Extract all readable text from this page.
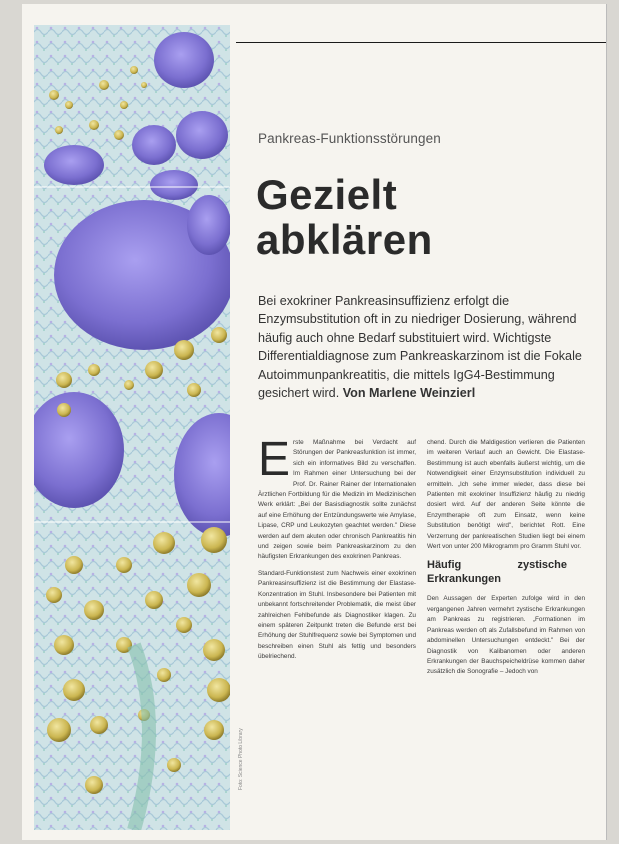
Foto: Science Photo Library
Pankreas-Funktionsstörungen
Gezielt
abklären
Bei exokriner Pankreasinsuffizienz erfolgt die Enzymsubstitution oft in zu niedriger Dosierung, während häufig auch ohne Bedarf substituiert wird. Wichtigste Differentialdiagnose zum Pankreaskarzinom ist die Fokale Autoimmunpankreatitis, die mittels IgG4-Bestimmung gesichert wird. Von Marlene Weinzierl

Erste Maßnahme bei Verdacht auf Störungen der Pankreasfunktion ist immer, sich ein informatives Bild zu verschaffen. Im Rahmen einer Untersuchung bei der Prof. Dr. Rainer Rainer der Internationalen Ärztlichen Fortbildung für die Medizin im Medizinischen Werk erklärt: „Bei der Basisdiagnostik sollte zunächst auf eine Erhöhung der Entzündungswerte wie Amylase, Lipase, CRP und Leukozyten geachtet werden." Diese werden auf dem akuten oder chronisch Pankreatitis hin und zeigen sowie beim Pankreaskarzinom zu den häufigsten Erkrankungen des exokrinen Pankreas.

Standard-Funktionstest zum Nachweis einer exokrinen Pankreasinsuffizienz ist die Bestimmung der Elastase-Konzentration im Stuhl. Insbesondere bei Patienten mit unbekannt fortschreitender Problematik, die meist über zahlreichen Fehlbefunde als Diagnostiker klagen. Zu einem späteren Zeitpunkt treten die Befunde erst bei Erhöhung der Stuhlfrequenz sowie bei Symptomen und beschreiben einen Stuhl als fettig und besonders übelriechend.

chend. Durch die Maldigestion verlieren die Patienten im weiteren Verlauf auch an Gewicht. Die Elastase-Bestimmung ist auch ebenfalls äußerst wichtig, um die Notwendigkeit einer Enzymsubstitution individuell zu ermitteln. „Ich sehe immer wieder, dass diese bei Patienten mit exokriner Insuffizienz häufig zu niedrig dosiert wird. Auf der anderen Seite könnte die Enzymtherapie oft zum Einsatz, wenn keine Substitution benötigt wird", berichtet Rott. Eine Verzerrung der pankreatischen Studien liegt bei einem Wert von unter 200 Mikrogramm pro Gramm Stuhl vor.

Häufig zystische Erkrankungen

Den Aussagen der Experten zufolge wird in den vergangenen Jahren vermehrt zystische Erkrankungen am Pankreas zu registrieren. „Formationen im Pankreas werden oft als Zufallsbefund im Rahmen von abdominellen Untersuchungen entdeckt." Bei der Diagnostik von Kalibanomen oder anderen Erkrankungen der Bauchspeicheldrüse kommen daher zusätzlich die Sonografie – Jedoch von
